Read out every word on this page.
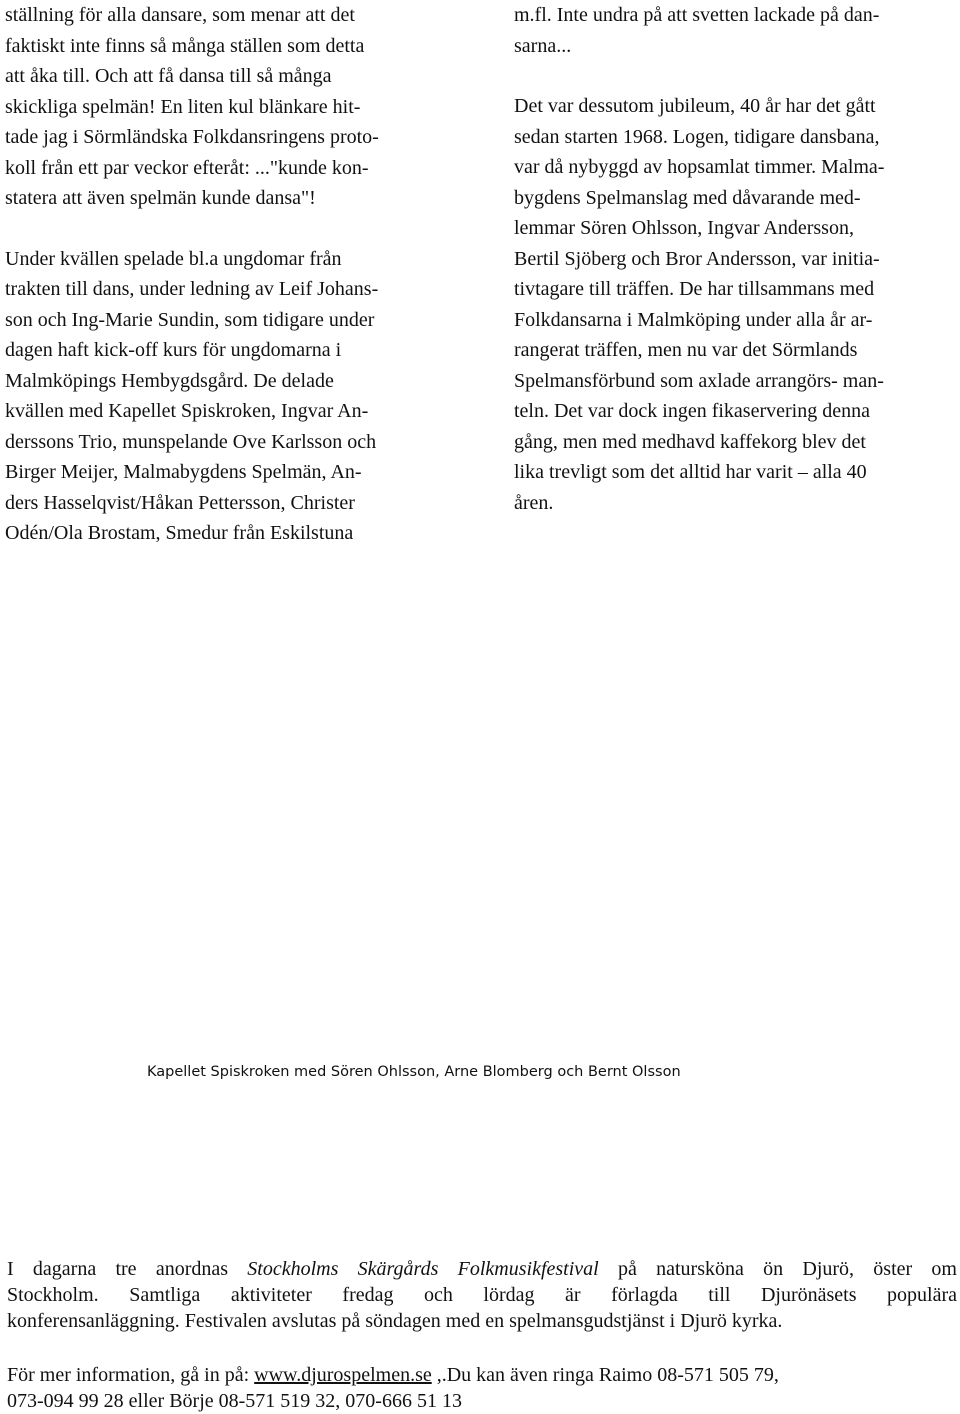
ställning för alla dansare, som menar att det
faktiskt inte finns så många ställen som detta
att åka till. Och att få dansa till så många
skickliga spelmän! En liten kul blänkare hit-
tade jag i Sörmländska Folkdansringens proto-
koll från ett par veckor efteråt: ..."kunde kon-
statera att även spelmän kunde dansa"!

Under kvällen spelade bl.a ungdomar från
trakten till dans, under ledning av Leif Johans-
son och Ing-Marie Sundin, som tidigare under
dagen haft kick-off kurs för ungdomarna i
Malmköpings Hembygdsgård. De delade
kvällen med Kapellet Spiskroken, Ingvar An-
derssons Trio, munspelande Ove Karlsson och
Birger Meijer, Malmabygdens Spelmän, An-
ders Hasselqvist/Håkan Pettersson, Christer
Odén/Ola Brostam, Smedur från Eskilstuna

m.fl. Inte undra på att svetten lackade på dan-
sarna...

Det var dessutom jubileum, 40 år har det gått
sedan starten 1968. Logen, tidigare dansbana,
var då nybyggd av hopsamlat timmer. Malma-
bygdens Spelmanslag med dåvarande med-
lemmar Sören Ohlsson, Ingvar Andersson,
Bertil Sjöberg och Bror Andersson, var initia-
tivtagare till träffen. De har tillsammans med
Folkdansarna i Malmköping under alla år ar-
rangerat träffen, men nu var det Sörmlands
Spelmansförbund som axlade arrangörs- man-
teln. Det var dock ingen fikaservering denna
gång, men med medhavd kaffekorg blev det
lika trevligt som det alltid har varit – alla 40
åren.

Kapellet Spiskroken med Sören Ohlsson, Arne Blomberg och Bernt Olsson

I dagarna tre anordnas Stockholms Skärgårds Folkmusikfestival på natursköna ön Djurö, öster om
Stockholm. Samtliga aktiviteter fredag och lördag är förlagda till Djurönäsets populära
konferensanläggning. Festivalen avslutas på söndagen med en spelmansgudstjänst i Djurö kyrka.

För mer information, gå in på: www.djurospelmen.se ,.Du kan även ringa Raimo 08-571 505 79,
073-094 99 28 eller Börje 08-571 519 32, 070-666 51 13
